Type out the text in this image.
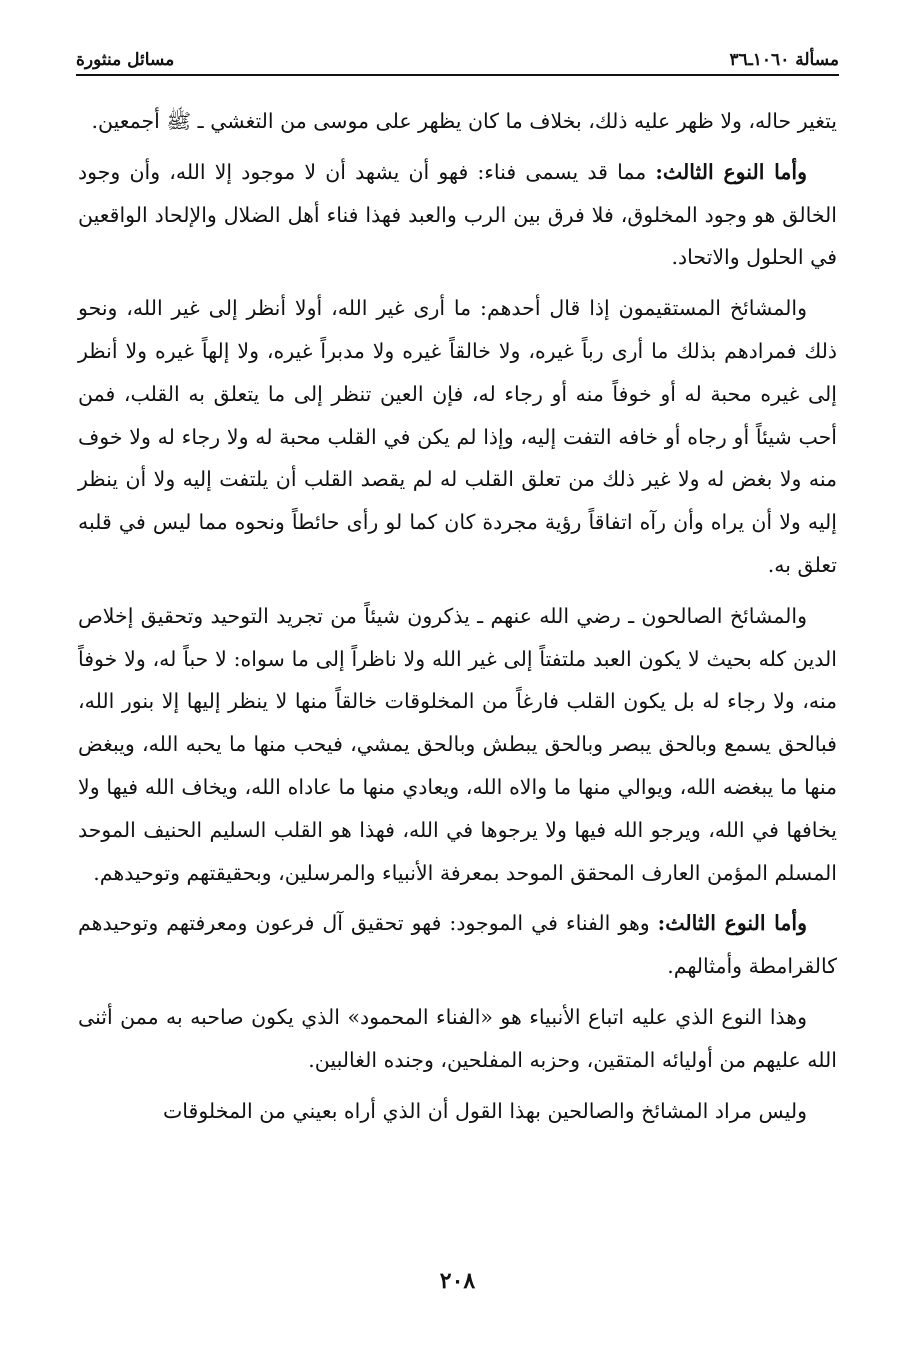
مسألة ١٠٦٠ـ٣٦
مسائل منثورة

يتغير حاله، ولا ظهر عليه ذلك، بخلاف ما كان يظهر على موسى من التغشي ـ ﷺ أجمعين.

وأما النوع الثالث: مما قد يسمى فناء: فهو أن يشهد أن لا موجود إلا الله، وأن وجود الخالق هو وجود المخلوق، فلا فرق بين الرب والعبد فهذا فناء أهل الضلال والإلحاد الواقعين في الحلول والاتحاد.

والمشائخ المستقيمون إذا قال أحدهم: ما أرى غير الله، أولا أنظر إلى غير الله، ونحو ذلك فمرادهم بذلك ما أرى رباً غيره، ولا خالقاً غيره ولا مدبراً غيره، ولا إلهاً غيره ولا أنظر إلى غيره محبة له أو خوفاً منه أو رجاء له، فإن العين تنظر إلى ما يتعلق به القلب، فمن أحب شيئاً أو رجاه أو خافه التفت إليه، وإذا لم يكن في القلب محبة له ولا رجاء له ولا خوف منه ولا بغض له ولا غير ذلك من تعلق القلب له لم يقصد القلب أن يلتفت إليه ولا أن ينظر إليه ولا أن يراه وأن رآه اتفاقاً رؤية مجردة كان كما لو رأى حائطاً ونحوه مما ليس في قلبه تعلق به.

والمشائخ الصالحون ـ رضي الله عنهم ـ يذكرون شيئاً من تجريد التوحيد وتحقيق إخلاص الدين كله بحيث لا يكون العبد ملتفتاً إلى غير الله ولا ناظراً إلى ما سواه: لا حباً له، ولا خوفاً منه، ولا رجاء له بل يكون القلب فارغاً من المخلوقات خالقاً منها لا ينظر إليها إلا بنور الله، فبالحق يسمع وبالحق يبصر وبالحق يبطش وبالحق يمشي، فيحب منها ما يحبه الله، ويبغض منها ما يبغضه الله، ويوالي منها ما والاه الله، ويعادي منها ما عاداه الله، ويخاف الله فيها ولا يخافها في الله، ويرجو الله فيها ولا يرجوها في الله، فهذا هو القلب السليم الحنيف الموحد المسلم المؤمن العارف المحقق الموحد بمعرفة الأنبياء والمرسلين، وبحقيقتهم وتوحيدهم.

وأما النوع الثالث: وهو الفناء في الموجود: فهو تحقيق آل فرعون ومعرفتهم وتوحيدهم كالقرامطة وأمثالهم.

وهذا النوع الذي عليه اتباع الأنبياء هو «الفناء المحمود» الذي يكون صاحبه به ممن أثنى الله عليهم من أوليائه المتقين، وحزبه المفلحين، وجنده الغالبين.

وليس مراد المشائخ والصالحين بهذا القول أن الذي أراه بعيني من المخلوقات

٢٠٨
